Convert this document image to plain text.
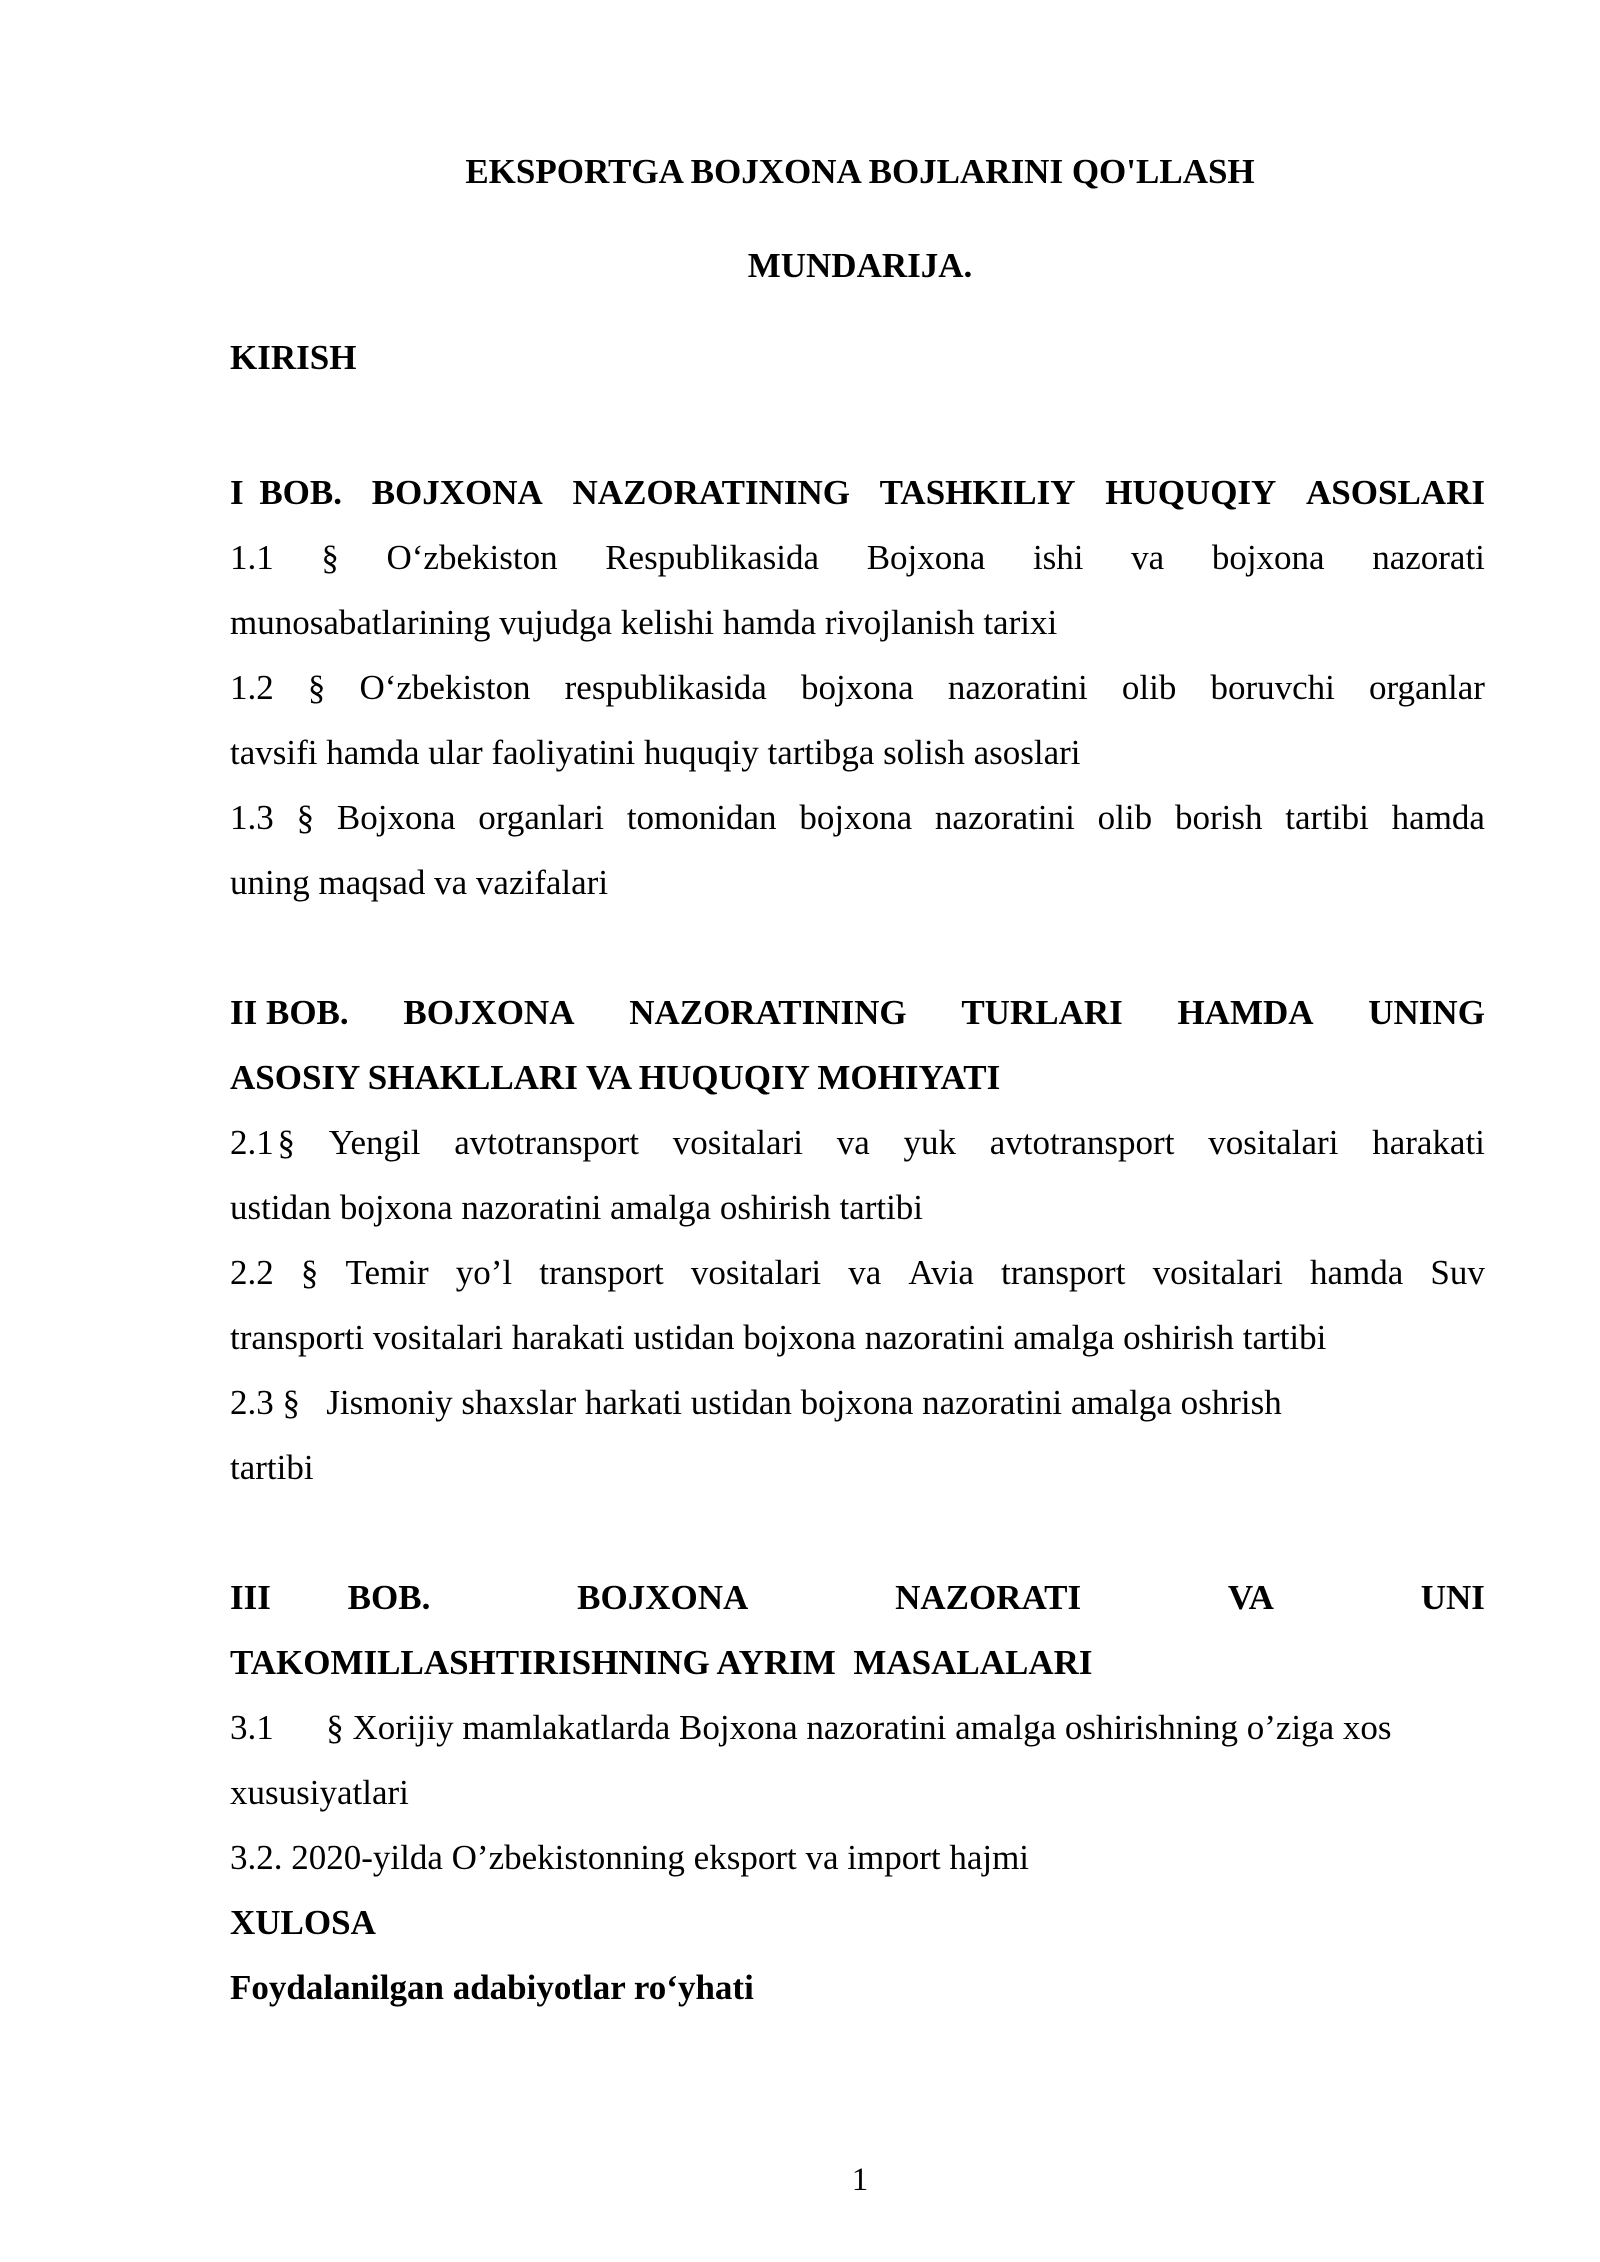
EKSPORTGA BOJXONA BOJLARINI QO'LLASH
MUNDARIJA.
KIRISH
I BOB. BOJXONA NAZORATINING TASHKILIY HUQUQIY ASOSLARI
1.1 § O‘zbekiston Respublikasida Bojxona ishi va bojxona nazorati
munosabatlarining vujudga kelishi hamda rivojlanish tarixi
1.2 § O‘zbekiston respublikasida bojxona nazoratini olib boruvchi organlar
tavsifi hamda ular faoliyatini huquqiy tartibga solish asoslari
1.3 § Bojxona organlari tomonidan bojxona nazoratini olib borish tartibi hamda
uning maqsad va vazifalari
II BOB. BOJXONA NAZORATINING TURLARI HAMDA UNING
ASOSIY SHAKLLARI VA HUQUQIY MOHIYATI
2.1 § Yengil avtotransport vositalari va yuk avtotransport vositalari harakati
ustidan bojxona nazoratini amalga oshirish tartibi
2.2 § Temir yo’l transport vositalari va Avia transport vositalari hamda Suv
transporti vositalari harakati ustidan bojxona nazoratini amalga oshirish tartibi
2.3 §   Jismoniy shaxslar harkati ustidan bojxona nazoratini amalga oshrish
tartibi
III BOB.	BOJXONA	NAZORATI	VA	UNI
TAKOMILLASHTIRISHNING AYRIM  MASALALARI
3.1      § Xorijiy mamlakatlarda Bojxona nazoratini amalga oshirishning o’ziga xos
xususiyatlari
3.2. 2020-yilda O’zbekistonning eksport va import hajmi
XULOSA
Foydalanilgan adabiyotlar ro‘yhati
1
